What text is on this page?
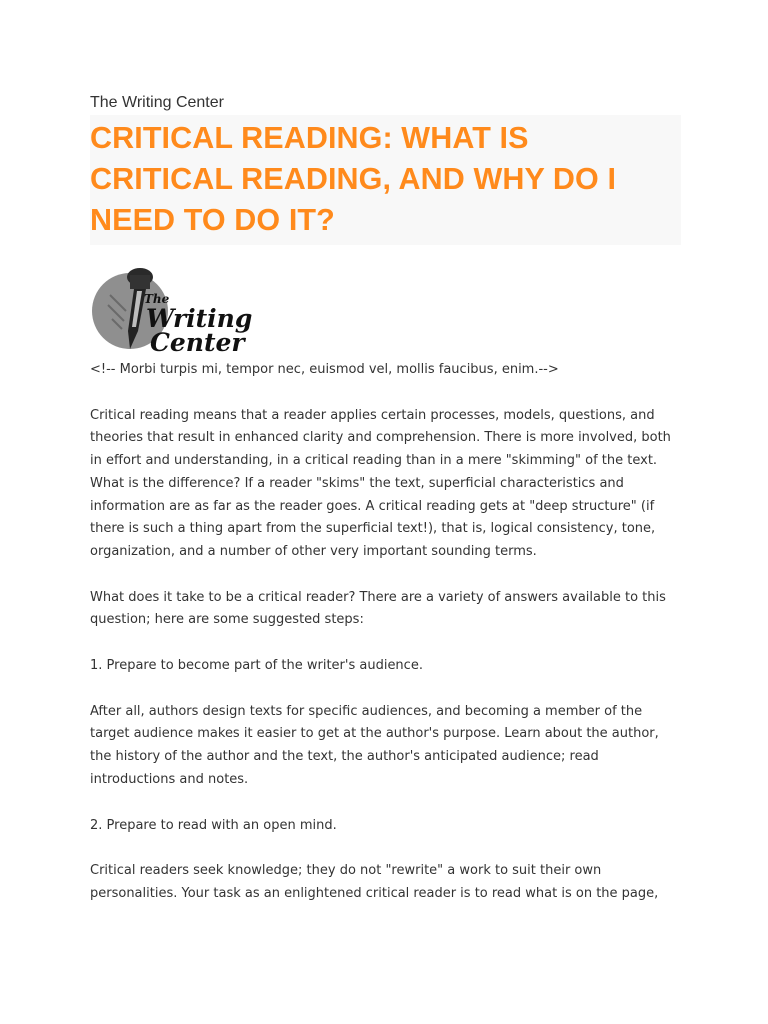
The Writing Center

CRITICAL READING: WHAT IS CRITICAL READING, AND WHY DO I NEED TO DO IT?
The
Writing
Center

<!-- Morbi turpis mi, tempor nec, euismod vel, mollis faucibus, enim.-->

Critical reading means that a reader applies certain processes, models, questions, and theories that result in enhanced clarity and comprehension. There is more involved, both in effort and understanding, in a critical reading than in a mere "skimming" of the text. What is the difference? If a reader "skims" the text, superficial characteristics and information are as far as the reader goes. A critical reading gets at "deep structure" (if there is such a thing apart from the superficial text!), that is, logical consistency, tone, organization, and a number of other very important sounding terms.

What does it take to be a critical reader? There are a variety of answers available to this question; here are some suggested steps:

1. Prepare to become part of the writer's audience.

After all, authors design texts for specific audiences, and becoming a member of the target audience makes it easier to get at the author's purpose. Learn about the author, the history of the author and the text, the author's anticipated audience; read introductions and notes.

2. Prepare to read with an open mind.

Critical readers seek knowledge; they do not "rewrite" a work to suit their own personalities. Your task as an enlightened critical reader is to read what is on the page,
